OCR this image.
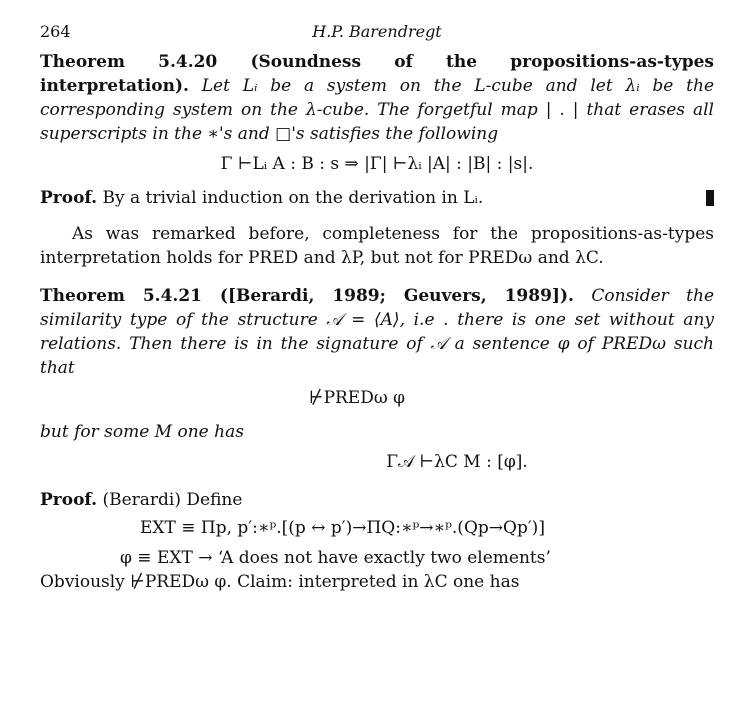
264	H.P. Barendregt

Theorem 5.4.20 (Soundness of the propositions-as-types interpretation). Let Lᵢ be a system on the L-cube and let λᵢ be the corresponding system on the λ-cube. The forgetful map | . | that erases all superscripts in the ∗'s and □'s satisfies the following

Γ ⊢Lᵢ A : B : s ⇒ |Γ| ⊢λᵢ |A| : |B| : |s|.

Proof. By a trivial induction on the derivation in Lᵢ.

As was remarked before, completeness for the propositions-as-types interpretation holds for PRED and λP, but not for PREDω and λC.

Theorem 5.4.21 ([Berardi, 1989; Geuvers, 1989]). Consider the similarity type of the structure 𝒜 = ⟨A⟩, i.e . there is one set without any relations. Then there is in the signature of 𝒜 a sentence φ of PREDω such that

⊬PREDω φ

but for some M one has

Γ𝒜 ⊢λC M : [φ].

Proof. (Berardi) Define

EXT ≡ Πp, p′:∗ᵖ.[(p ↔ p′)→ΠQ:∗ᵖ→∗ᵖ.(Qp→Qp′)]
φ ≡ EXT → ‘A does not have exactly two elements’

Obviously ⊬PREDω φ. Claim: interpreted in λC one has
